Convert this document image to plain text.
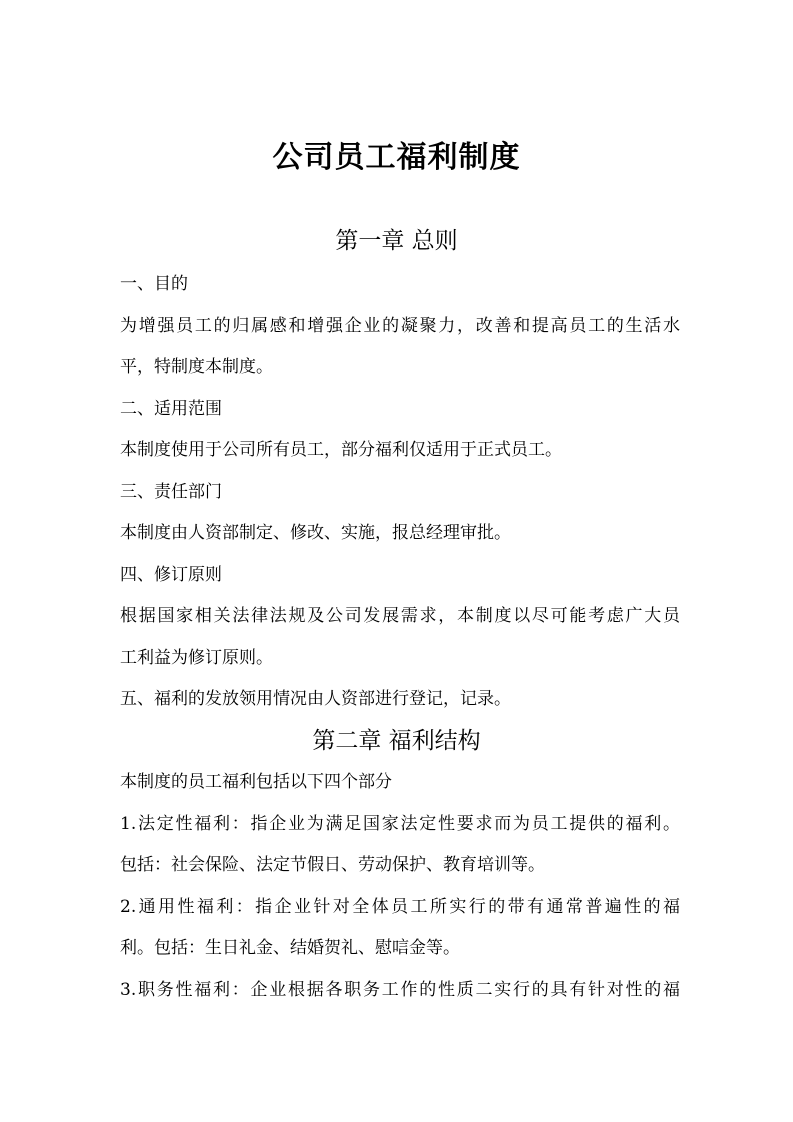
公司员工福利制度
第一章 总则
一、目的
为增强员工的归属感和增强企业的凝聚力，改善和提高员工的生活水
平，特制度本制度。
二、适用范围
本制度使用于公司所有员工，部分福利仅适用于正式员工。
三、责任部门
本制度由人资部制定、修改、实施，报总经理审批。
四、修订原则
根据国家相关法律法规及公司发展需求，本制度以尽可能考虑广大员
工利益为修订原则。
五、福利的发放领用情况由人资部进行登记，记录。
第二章 福利结构
本制度的员工福利包括以下四个部分
1.法定性福利：指企业为满足国家法定性要求而为员工提供的福利。
包括：社会保险、法定节假日、劳动保护、教育培训等。
2.通用性福利：指企业针对全体员工所实行的带有通常普遍性的福
利。包括：生日礼金、结婚贺礼、慰唁金等。
3.职务性福利：企业根据各职务工作的性质二实行的具有针对性的福
